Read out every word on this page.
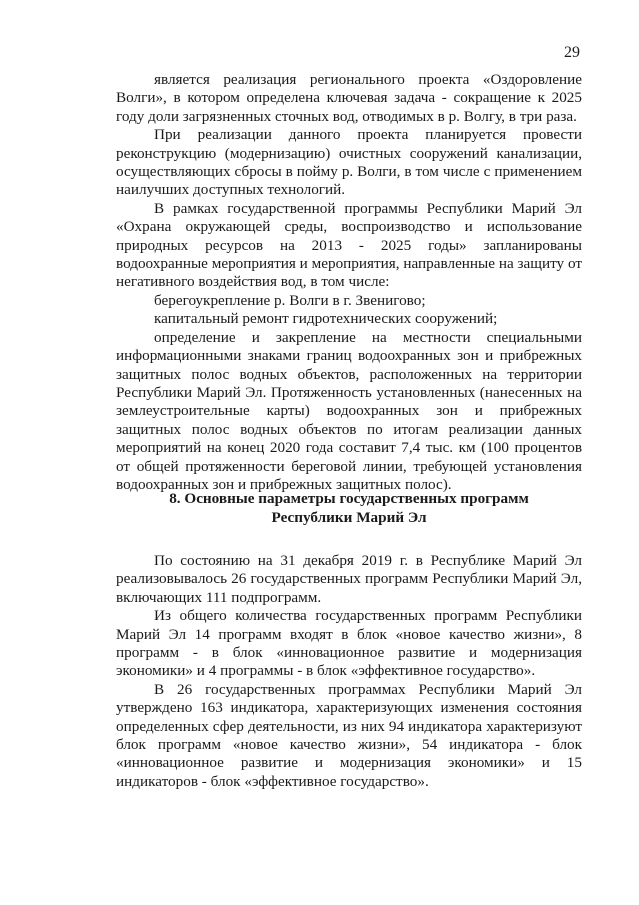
29

является реализация регионального проекта «Оздоровление Волги», в котором определена ключевая задача - сокращение к 2025 году доли загрязненных сточных вод, отводимых в р. Волгу, в три раза.

При реализации данного проекта планируется провести реконструкцию (модернизацию) очистных сооружений канализации, осуществляющих сбросы в пойму р. Волги, в том числе с применением наилучших доступных технологий.

В рамках государственной программы Республики Марий Эл «Охрана окружающей среды, воспроизводство и использование природных ресурсов на 2013 - 2025 годы» запланированы водоохранные мероприятия и мероприятия, направленные на защиту от негативного воздействия вод, в том числе:

берегоукрепление р. Волги в г. Звенигово;

капитальный ремонт гидротехнических сооружений;

определение и закрепление на местности специальными информационными знаками границ водоохранных зон и прибрежных защитных полос водных объектов, расположенных на территории Республики Марий Эл. Протяженность установленных (нанесенных на землеустроительные карты) водоохранных зон и прибрежных защитных полос водных объектов по итогам реализации данных мероприятий на конец 2020 года составит 7,4 тыс. км (100 процентов от общей протяженности береговой линии, требующей установления водоохранных зон и прибрежных защитных полос).

8. Основные параметры государственных программ
Республики Марий Эл

По состоянию на 31 декабря 2019 г. в Республике Марий Эл реализовывалось 26 государственных программ Республики Марий Эл, включающих 111 подпрограмм.

Из общего количества государственных программ Республики Марий Эл 14 программ входят в блок «новое качество жизни», 8 программ - в блок «инновационное развитие и модернизация экономики» и 4 программы - в блок «эффективное государство».

В 26 государственных программах Республики Марий Эл утверждено 163 индикатора, характеризующих изменения состояния определенных сфер деятельности, из них 94 индикатора характеризуют блок программ «новое качество жизни», 54 индикатора - блок «инновационное развитие и модернизация экономики» и 15 индикаторов - блок «эффективное государство».
